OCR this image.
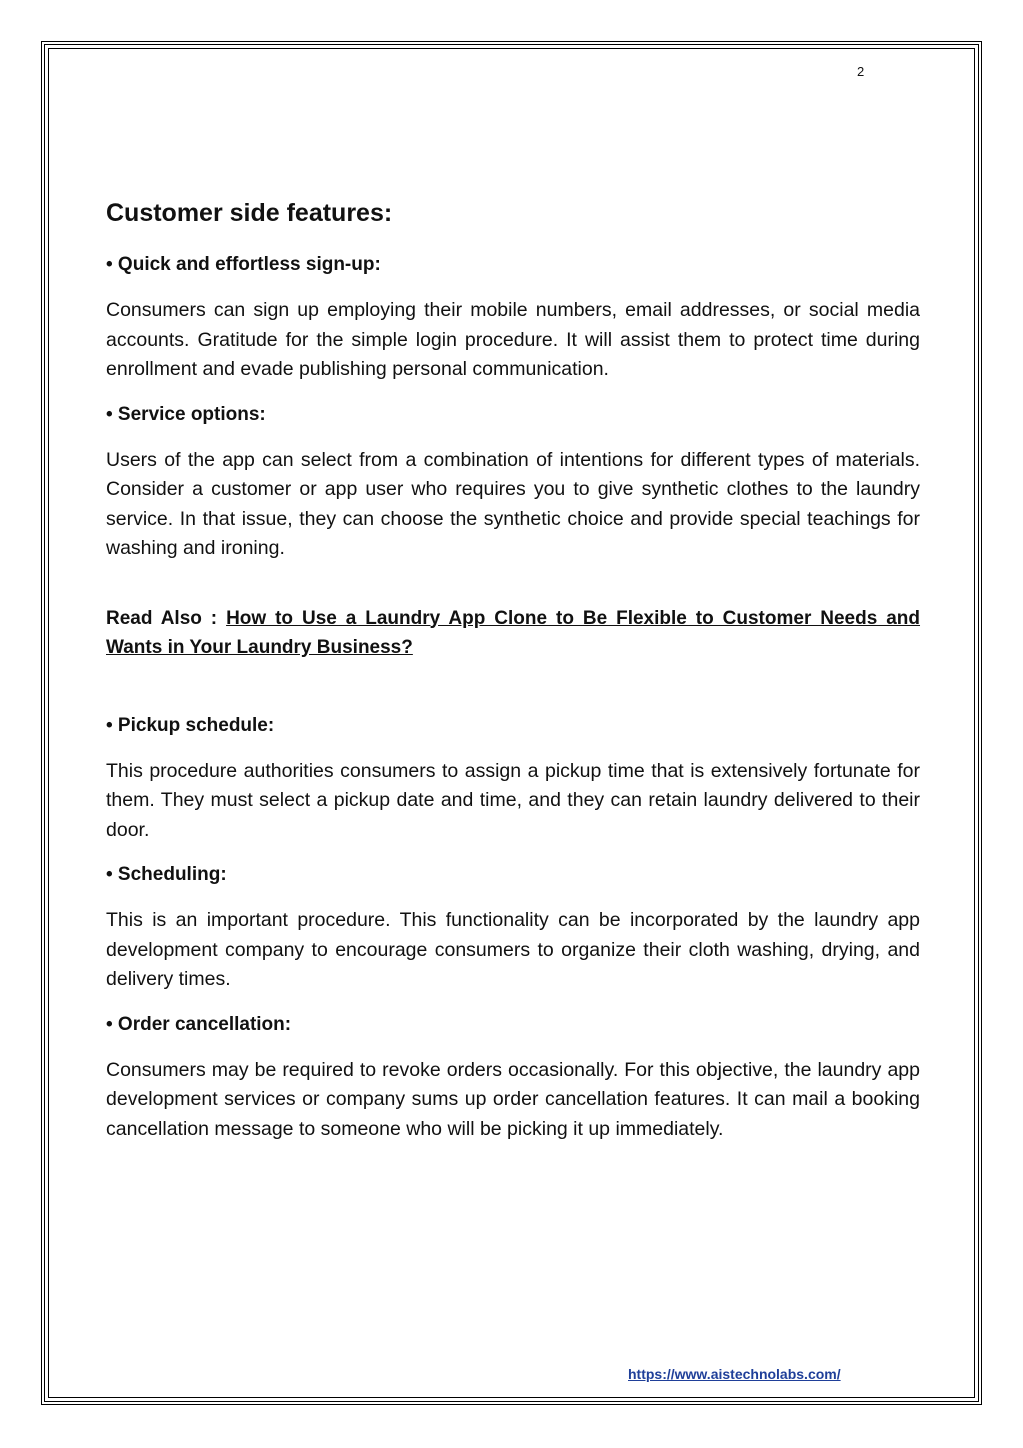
2
Customer side features:
• Quick and effortless sign-up:

Consumers can sign up employing their mobile numbers, email addresses, or social media accounts. Gratitude for the simple login procedure. It will assist them to protect time during enrollment and evade publishing personal communication.

• Service options:

Users of the app can select from a combination of intentions for different types of materials. Consider a customer or app user who requires you to give synthetic clothes to the laundry service. In that issue, they can choose the synthetic choice and provide special teachings for washing and ironing.

Read Also : How to Use a Laundry App Clone to Be Flexible to Customer Needs and Wants in Your Laundry Business?

• Pickup schedule:

This procedure authorities consumers to assign a pickup time that is extensively fortunate for them. They must select a pickup date and time, and they can retain laundry delivered to their door.

• Scheduling:

This is an important procedure. This functionality can be incorporated by the laundry app development company to encourage consumers to organize their cloth washing, drying, and delivery times.

• Order cancellation:

Consumers may be required to revoke orders occasionally. For this objective, the laundry app development services or company sums up order cancellation features. It can mail a booking cancellation message to someone who will be picking it up immediately.

https://www.aistechnolabs.com/
